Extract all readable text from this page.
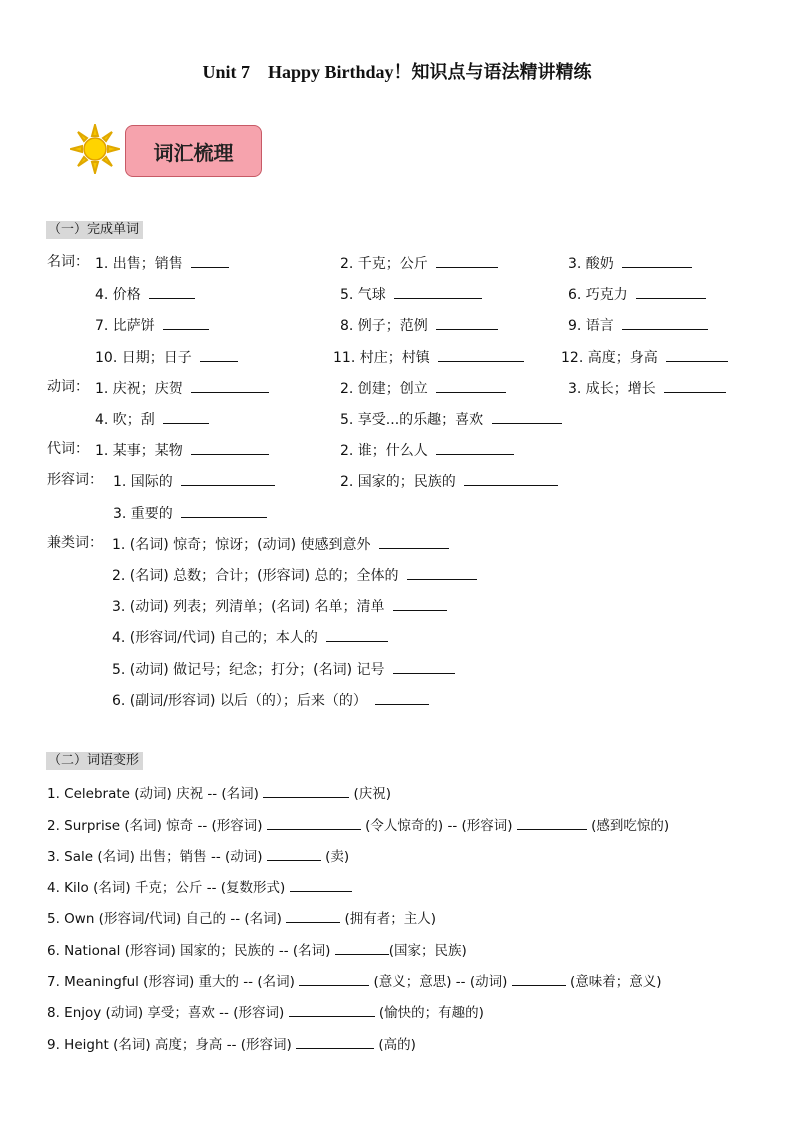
Unit 7　Happy Birthday！知识点与语法精讲精练
词汇梳理
（一）完成单词
名词： 1. 出售；销售	2. 千克；公斤	3. 酸奶
4. 价格	5. 气球	6. 巧克力
7. 比萨饼	8. 例子；范例	9. 语言
10. 日期；日子	11. 村庄；村镇	12. 高度；身高
动词： 1. 庆祝；庆贺	2. 创建；创立	3. 成长；增长
4. 吹；刮	5. 享受...的乐趣；喜欢
代词： 1. 某事；某物	2. 谁；什么人
形容词： 1. 国际的	2. 国家的；民族的
3. 重要的
兼类词： 1. (名词) 惊奇；惊讶；(动词) 使感到意外
2. (名词) 总数；合计；(形容词) 总的；全体的
3. (动词) 列表；列清单；(名词) 名单；清单
4. (形容词/代词) 自己的；本人的
5. (动词) 做记号；纪念；打分；(名词) 记号
6. (副词/形容词) 以后（的）；后来（的）
（二）词语变形
1. Celebrate (动词) 庆祝 -- (名词)	(庆祝)
2. Surprise (名词) 惊奇 -- (形容词)	(令人惊奇的) -- (形容词)	(感到吃惊的)
3. Sale (名词) 出售；销售 -- (动词)	(卖)
4. Kilo (名词) 千克；公斤 -- (复数形式)
5. Own (形容词/代词) 自己的 -- (名词)	(拥有者；主人)
6. National (形容词) 国家的；民族的 -- (名词)	(国家；民族)
7. Meaningful (形容词) 重大的 -- (名词)	(意义；意思) -- (动词)	(意味着；意义)
8. Enjoy (动词) 享受；喜欢 -- (形容词)	(愉快的；有趣的)
9. Height (名词) 高度；身高 -- (形容词)	(高的)
